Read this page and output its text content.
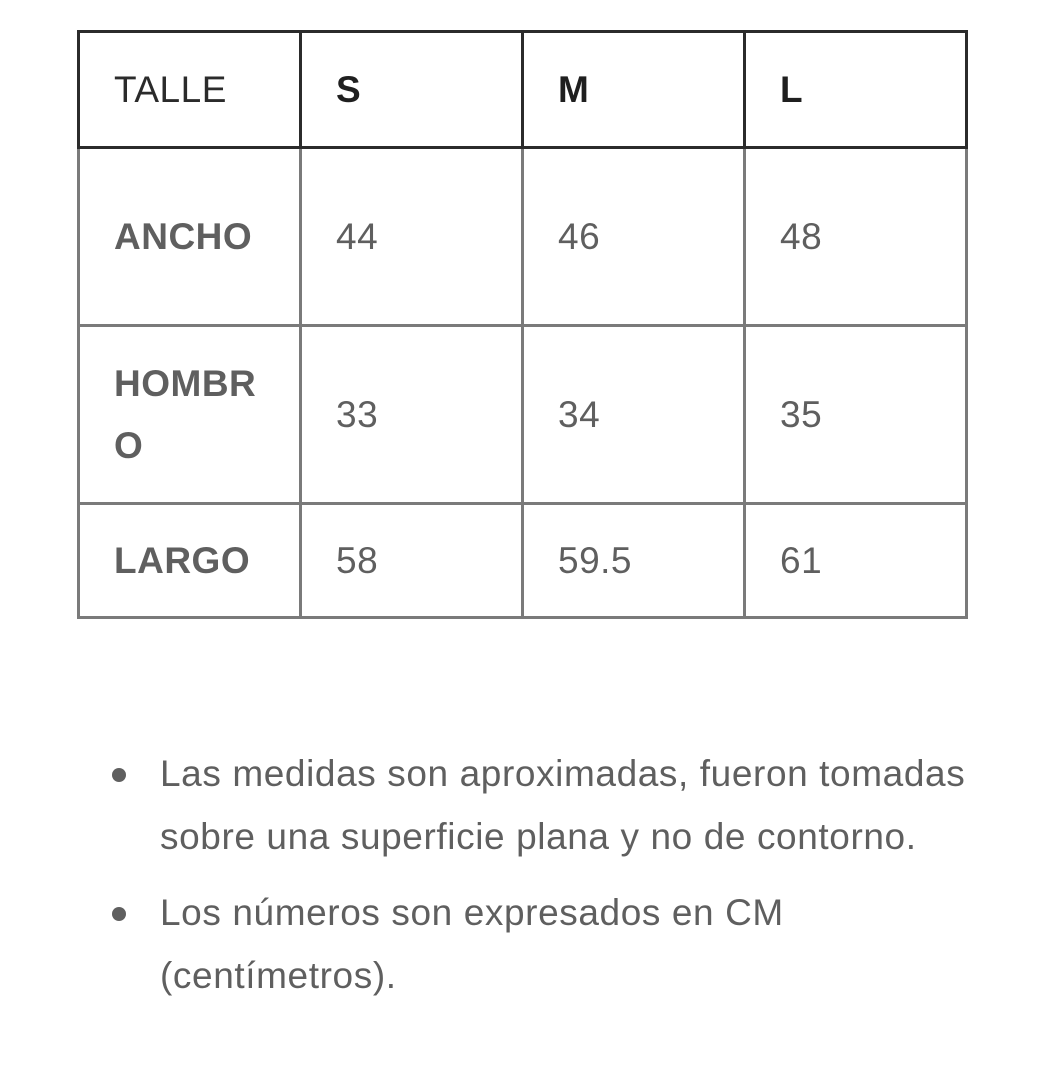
TALLE	S	M	L
ANCHO	44	46	48
HOMBRO	33	34	35
LARGO	58	59.5	61
Las medidas son aproximadas, fueron tomadas sobre una superficie plana y no de contorno.
Los números son expresados en CM (centímetros).
